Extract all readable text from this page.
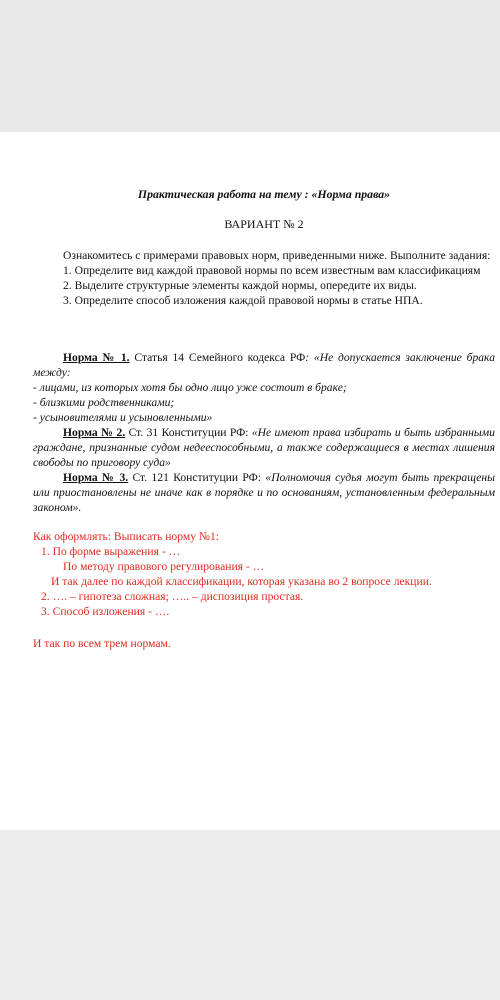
Практическая работа на тему : «Норма права»
ВАРИАНТ № 2
Ознакомитесь с примерами правовых норм, приведенными ниже. Выполните задания:
1. Определите вид каждой правовой нормы по всем известным вам классификациям
2. Выделите структурные элементы каждой нормы, оперeдите их виды.
3. Определите способ изложения каждой правовой нормы в статье НПА.
Норма № 1. Статья 14 Семейного кодекса РФ: «Не допускается заключение брака между:
- лицами, из которых хотя бы одно лицо уже состоит в браке;
- близкими родственниками;
- усыновителями и усыновленными»
Норма № 2. Ст. 31 Конституции РФ: «Не имеют права избирать и быть избранными граждане, признанные судом недееспособными, а также содержащиеся в местах лишения свободы по приговору суда»
Норма № 3. Ст. 121 Конституции РФ: «Полномочия судья могут быть прекращены или приостановлены не иначе как в порядке и по основаниям, установленным федеральным законом».
Как оформлять: Выписать норму №1:
1. По форме выражения - …
По методу правового регулирования - …
И так далее по каждой классификации, которая указана во 2 вопросе лекции.
2. …. – гипотеза сложная; ….. – диспозиция простая.
3. Способ изложения - ….
И так по всем трем нормам.
